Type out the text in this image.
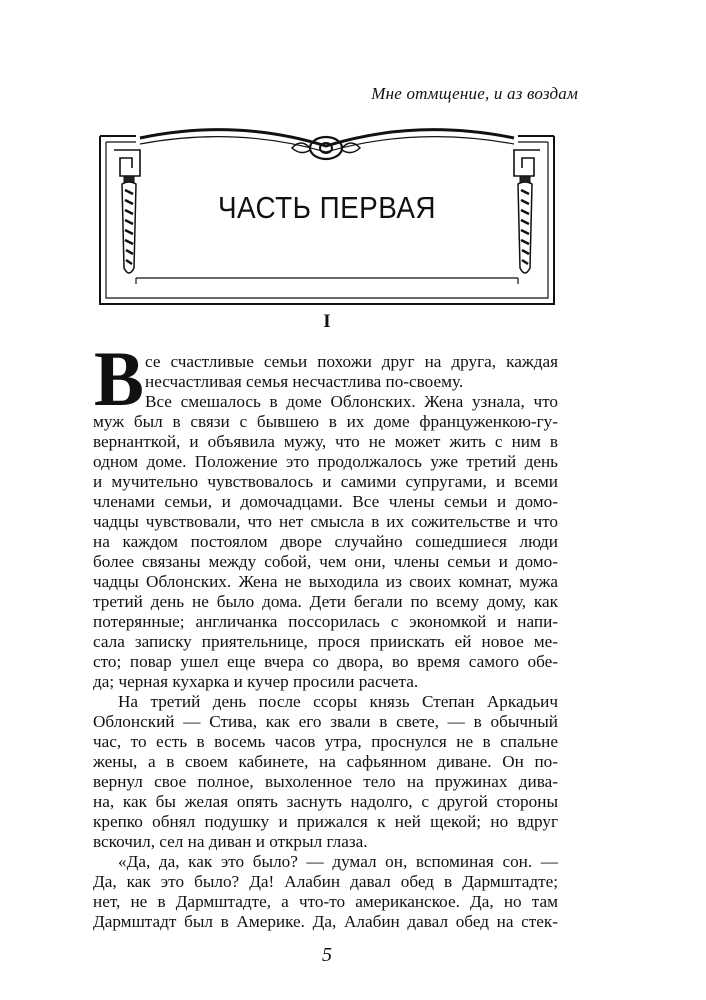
Мне отмщение, и аз воздам
ЧАСТЬ ПЕРВАЯ
I
В се счастливые семьи похожи друг на друга, каждая
несчастливая семья несчастлива по-своему.
Все смешалось в доме Облонских. Жена узнала, что
муж был в связи с бывшею в их доме француженкою-гу-
вернанткой, и объявила мужу, что не может жить с ним в
одном доме. Положение это продолжалось уже третий день
и мучительно чувствовалось и самими супругами, и всеми
членами семьи, и домочадцами. Все члены семьи и домо-
чадцы чувствовали, что нет смысла в их сожительстве и что
на каждом постоялом дворе случайно сошедшиеся люди
более связаны между собой, чем они, члены семьи и домо-
чадцы Облонских. Жена не выходила из своих комнат, мужа
третий день не было дома. Дети бегали по всему дому, как
потерянные; англичанка поссорилась с экономкой и напи-
сала записку приятельнице, прося приискать ей новое ме-
сто; повар ушел еще вчера со двора, во время самого обе-
да; черная кухарка и кучер просили расчета.
На третий день после ссоры князь Степан Аркадьич
Облонский — Стива, как его звали в свете, — в обычный
час, то есть в восемь часов утра, проснулся не в спальне
жены, а в своем кабинете, на сафьянном диване. Он по-
вернул свое полное, выхоленное тело на пружинах дива-
на, как бы желая опять заснуть надолго, с другой стороны
крепко обнял подушку и прижался к ней щекой; но вдруг
вскочил, сел на диван и открыл глаза.
«Да, да, как это было? — думал он, вспоминая сон. —
Да, как это было? Да! Алабин давал обед в Дармштадте;
нет, не в Дармштадте, а что-то американское. Да, но там
Дармштадт был в Америке. Да, Алабин давал обед на стек-
5
